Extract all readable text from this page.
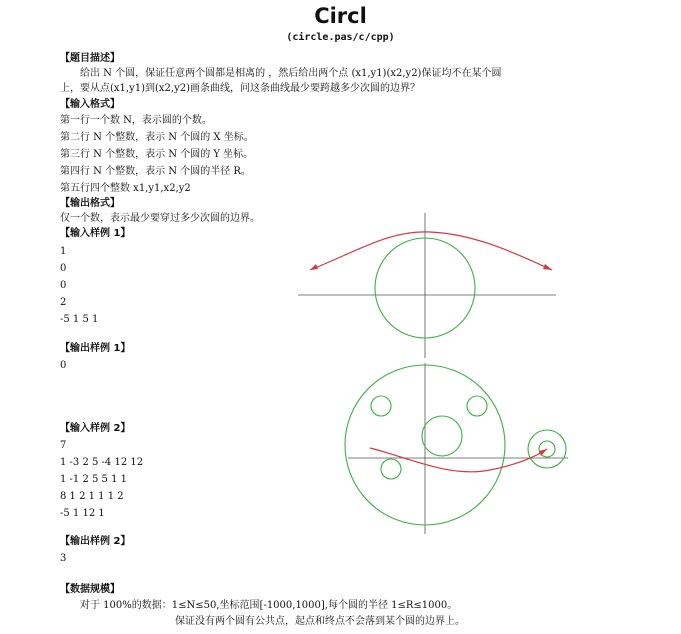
Circl
(circle.pas/c/cpp)
【题目描述】
给出 N 个圆，保证任意两个圆都是相离的 ，然后给出两个点 (x1,y1)(x2,y2)保证均不在某个圆
上，要从点(x1,y1)到(x2,y2)画条曲线，问这条曲线最少要跨越多少次圆的边界？
【输入格式】
第一行一个数 N，表示圆的个数。
第二行 N 个整数，表示 N 个圆的 X 坐标。
第三行 N 个整数，表示 N 个圆的 Y 坐标。
第四行 N 个整数，表示 N 个圆的半径 R。
第五行四个整数 x1,y1,x2,y2
【输出格式】
仅一个数，表示最少要穿过多少次圆的边界。
【输入样例 1】
1
0
0
2
-5 1 5 1
【输出样例 1】
0
【输入样例 2】
7
1 -3 2 5 -4 12 12
1 -1 2 5 5 1 1
8 1 2 1 1 1 2
-5 1 12 1
【输出样例 2】
3
【数据规模】
对于 100%的数据：1≤N≤50,坐标范围[-1000,1000],每个圆的半径 1≤R≤1000。
保证没有两个圆有公共点，起点和终点不会落到某个圆的边界上。
